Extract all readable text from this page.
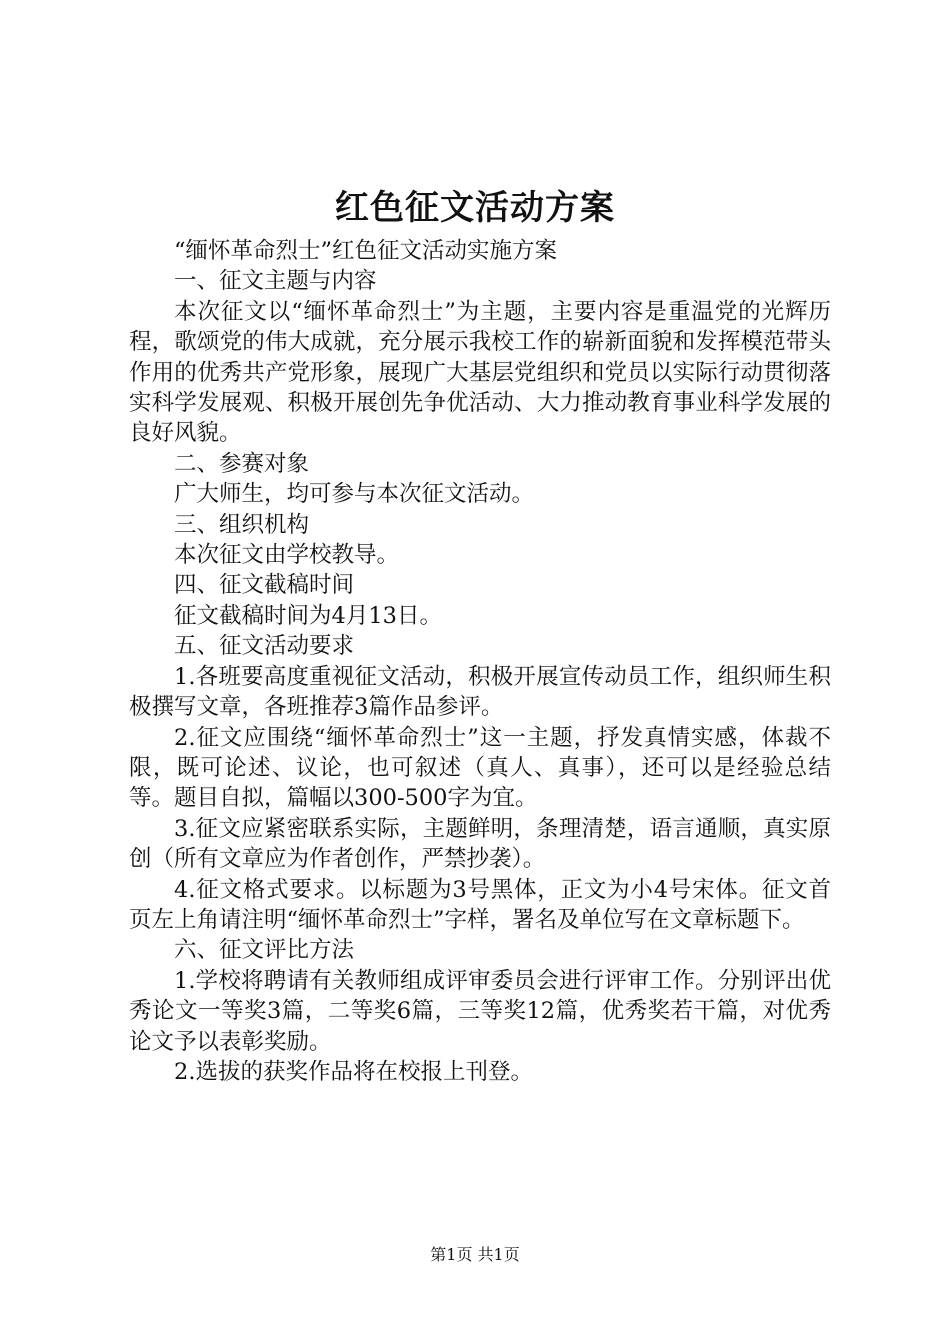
红色征文活动方案

“缅怀革命烈士”红色征文活动实施方案

一、征文主题与内容

本次征文以“缅怀革命烈士”为主题，主要内容是重温党的光辉历程，歌颂党的伟大成就，充分展示我校工作的崭新面貌和发挥模范带头作用的优秀共产党形象，展现广大基层党组织和党员以实际行动贯彻落实科学发展观、积极开展创先争优活动、大力推动教育事业科学发展的良好风貌。

二、参赛对象

广大师生，均可参与本次征文活动。

三、组织机构

本次征文由学校教导。

四、征文截稿时间

征文截稿时间为4月13日。

五、征文活动要求

1.各班要高度重视征文活动，积极开展宣传动员工作，组织师生积极撰写文章，各班推荐3篇作品参评。

2.征文应围绕“缅怀革命烈士”这一主题，抒发真情实感，体裁不限，既可论述、议论，也可叙述（真人、真事），还可以是经验总结等。题目自拟，篇幅以300-500字为宜。

3.征文应紧密联系实际，主题鲜明，条理清楚，语言通顺，真实原创（所有文章应为作者创作，严禁抄袭）。

4.征文格式要求。以标题为3号黑体，正文为小4号宋体。征文首页左上角请注明“缅怀革命烈士”字样，署名及单位写在文章标题下。

六、征文评比方法

1.学校将聘请有关教师组成评审委员会进行评审工作。分别评出优秀论文一等奖3篇，二等奖6篇，三等奖12篇，优秀奖若干篇，对优秀论文予以表彰奖励。

2.选拔的获奖作品将在校报上刊登。

第1页 共1页
